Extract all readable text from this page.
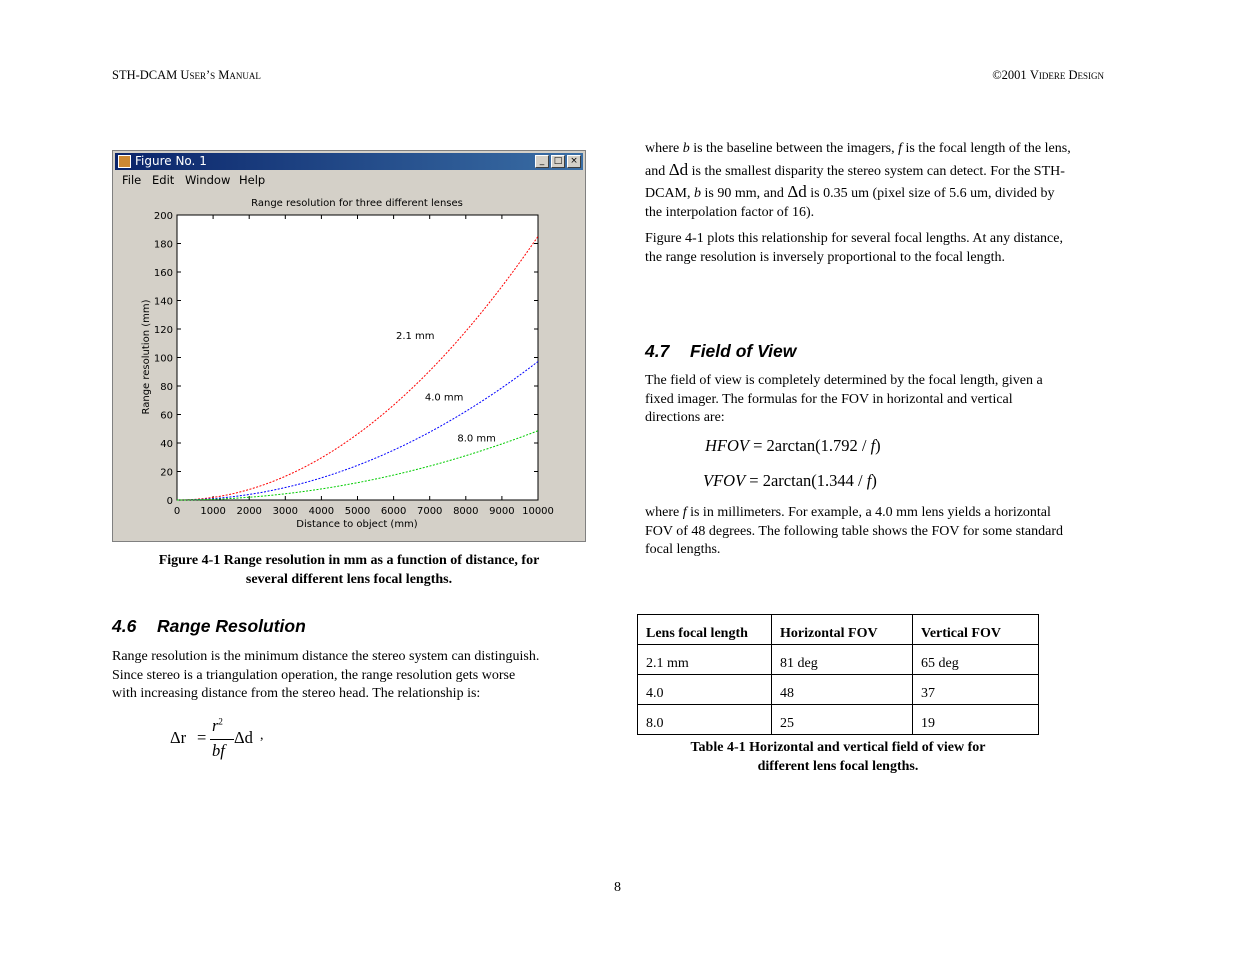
STH-DCAM User’s Manual	©2001 Videre Design
Figure No. 1	_	□ ×
File Edit Window Help
Range resolution for three different lenses
Distance to object (mm)
Range resolution (mm)
0 1000 2000 3000 4000 5000 6000 7000 8000 9000 10000
0
20
40
60
80
100
120
140
160
180
200
2.1 mm
4.0 mm
8.0 mm
Figure 4-1 Range resolution in mm as a function of distance, for
several different lens focal lengths.
4.6 Range Resolution
Range resolution is the minimum distance the stereo system can distinguish.
Since stereo is a triangulation operation, the range resolution gets worse
with increasing distance from the stereo head. The relationship is:
Δr =
$r^2$
bf
Δd ,
where b is the baseline between the imagers, f is the focal length of the lens,
and Δd is the smallest disparity the stereo system can detect. For the STH-
DCAM, b is 90 mm, and Δd is 0.35 um (pixel size of 5.6 um, divided by
the interpolation factor of 16).
Figure 4-1 plots this relationship for several focal lengths. At any distance,
the range resolution is inversely proportional to the focal length.
4.7 Field of View
The field of view is completely determined by the focal length, given a
fixed imager. The formulas for the FOV in horizontal and vertical
directions are:
HFOV = 2arctan(1.792 / f)
VFOV = 2arctan(1.344 / f)
where f is in millimeters. For example, a 4.0 mm lens yields a horizontal
FOV of 48 degrees. The following table shows the FOV for some standard
focal lengths.
Lens focal length	Horizontal FOV	Vertical FOV
2.1 mm	81 deg	65 deg
4.0	48	37
8.0	25	19
Table 4-1 Horizontal and vertical field of view for
different lens focal lengths.
8
